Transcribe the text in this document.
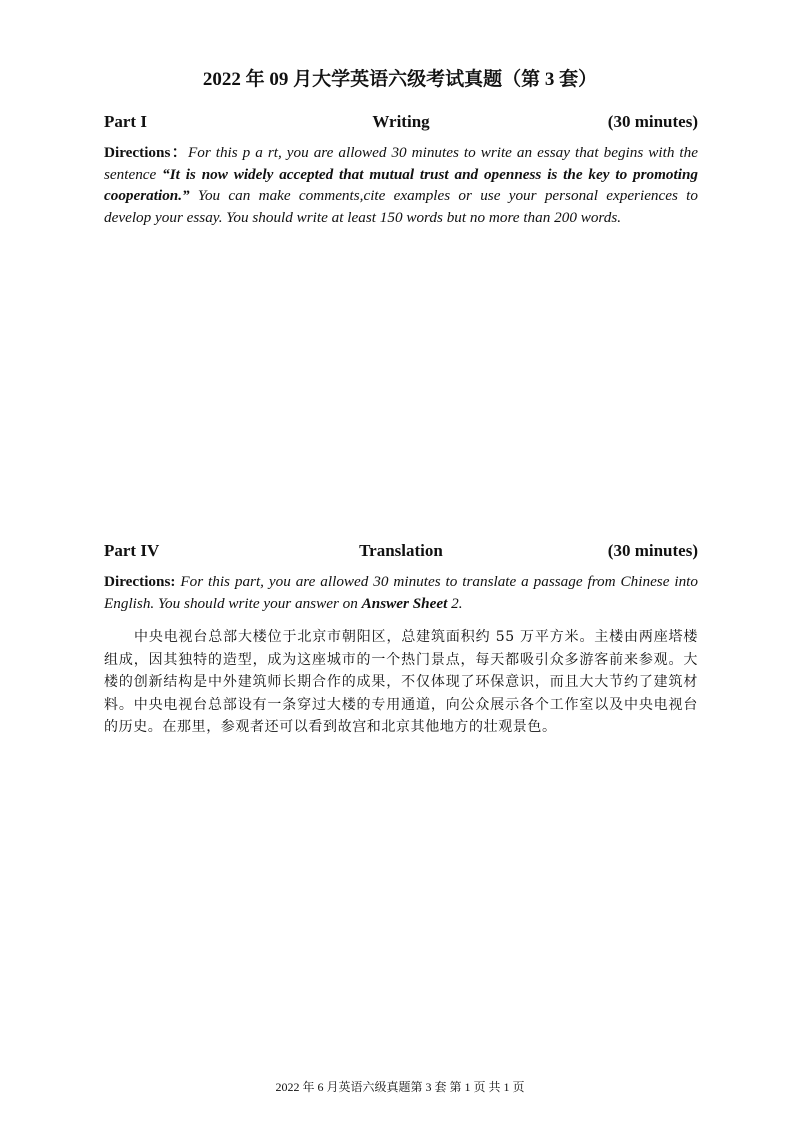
2022 年 09 月大学英语六级考试真题（第 3 套）
Part I	Writing	(30 minutes)
Directions：For this p a rt, you are allowed 30 minutes to write an essay that begins with the sentence “It is now widely accepted that mutual trust and openness is the key to promoting cooperation.” You can make comments,cite examples or use your personal experiences to develop your essay. You should write at least 150 words but no more than 200 words.
Part IV	Translation	(30 minutes)
Directions: For this part, you are allowed 30 minutes to translate a passage from Chinese into English. You should write your answer on Answer Sheet 2.
中央电视台总部大楼位于北京市朝阳区，总建筑面积约 55 万平方米。主楼由两座塔楼组成，因其独特的造型，成为这座城市的一个热门景点，每天都吸引众多游客前来参观。大楼的创新结构是中外建筑师长期合作的成果，不仅体现了环保意识，而且大大节约了建筑材料。中央电视台总部设有一条穿过大楼的专用通道，向公众展示各个工作室以及中央电视台的历史。在那里，参观者还可以看到故宫和北京其他地方的壮观景色。
2022 年 6 月英语六级真题第 3 套 第 1 页 共 1 页
